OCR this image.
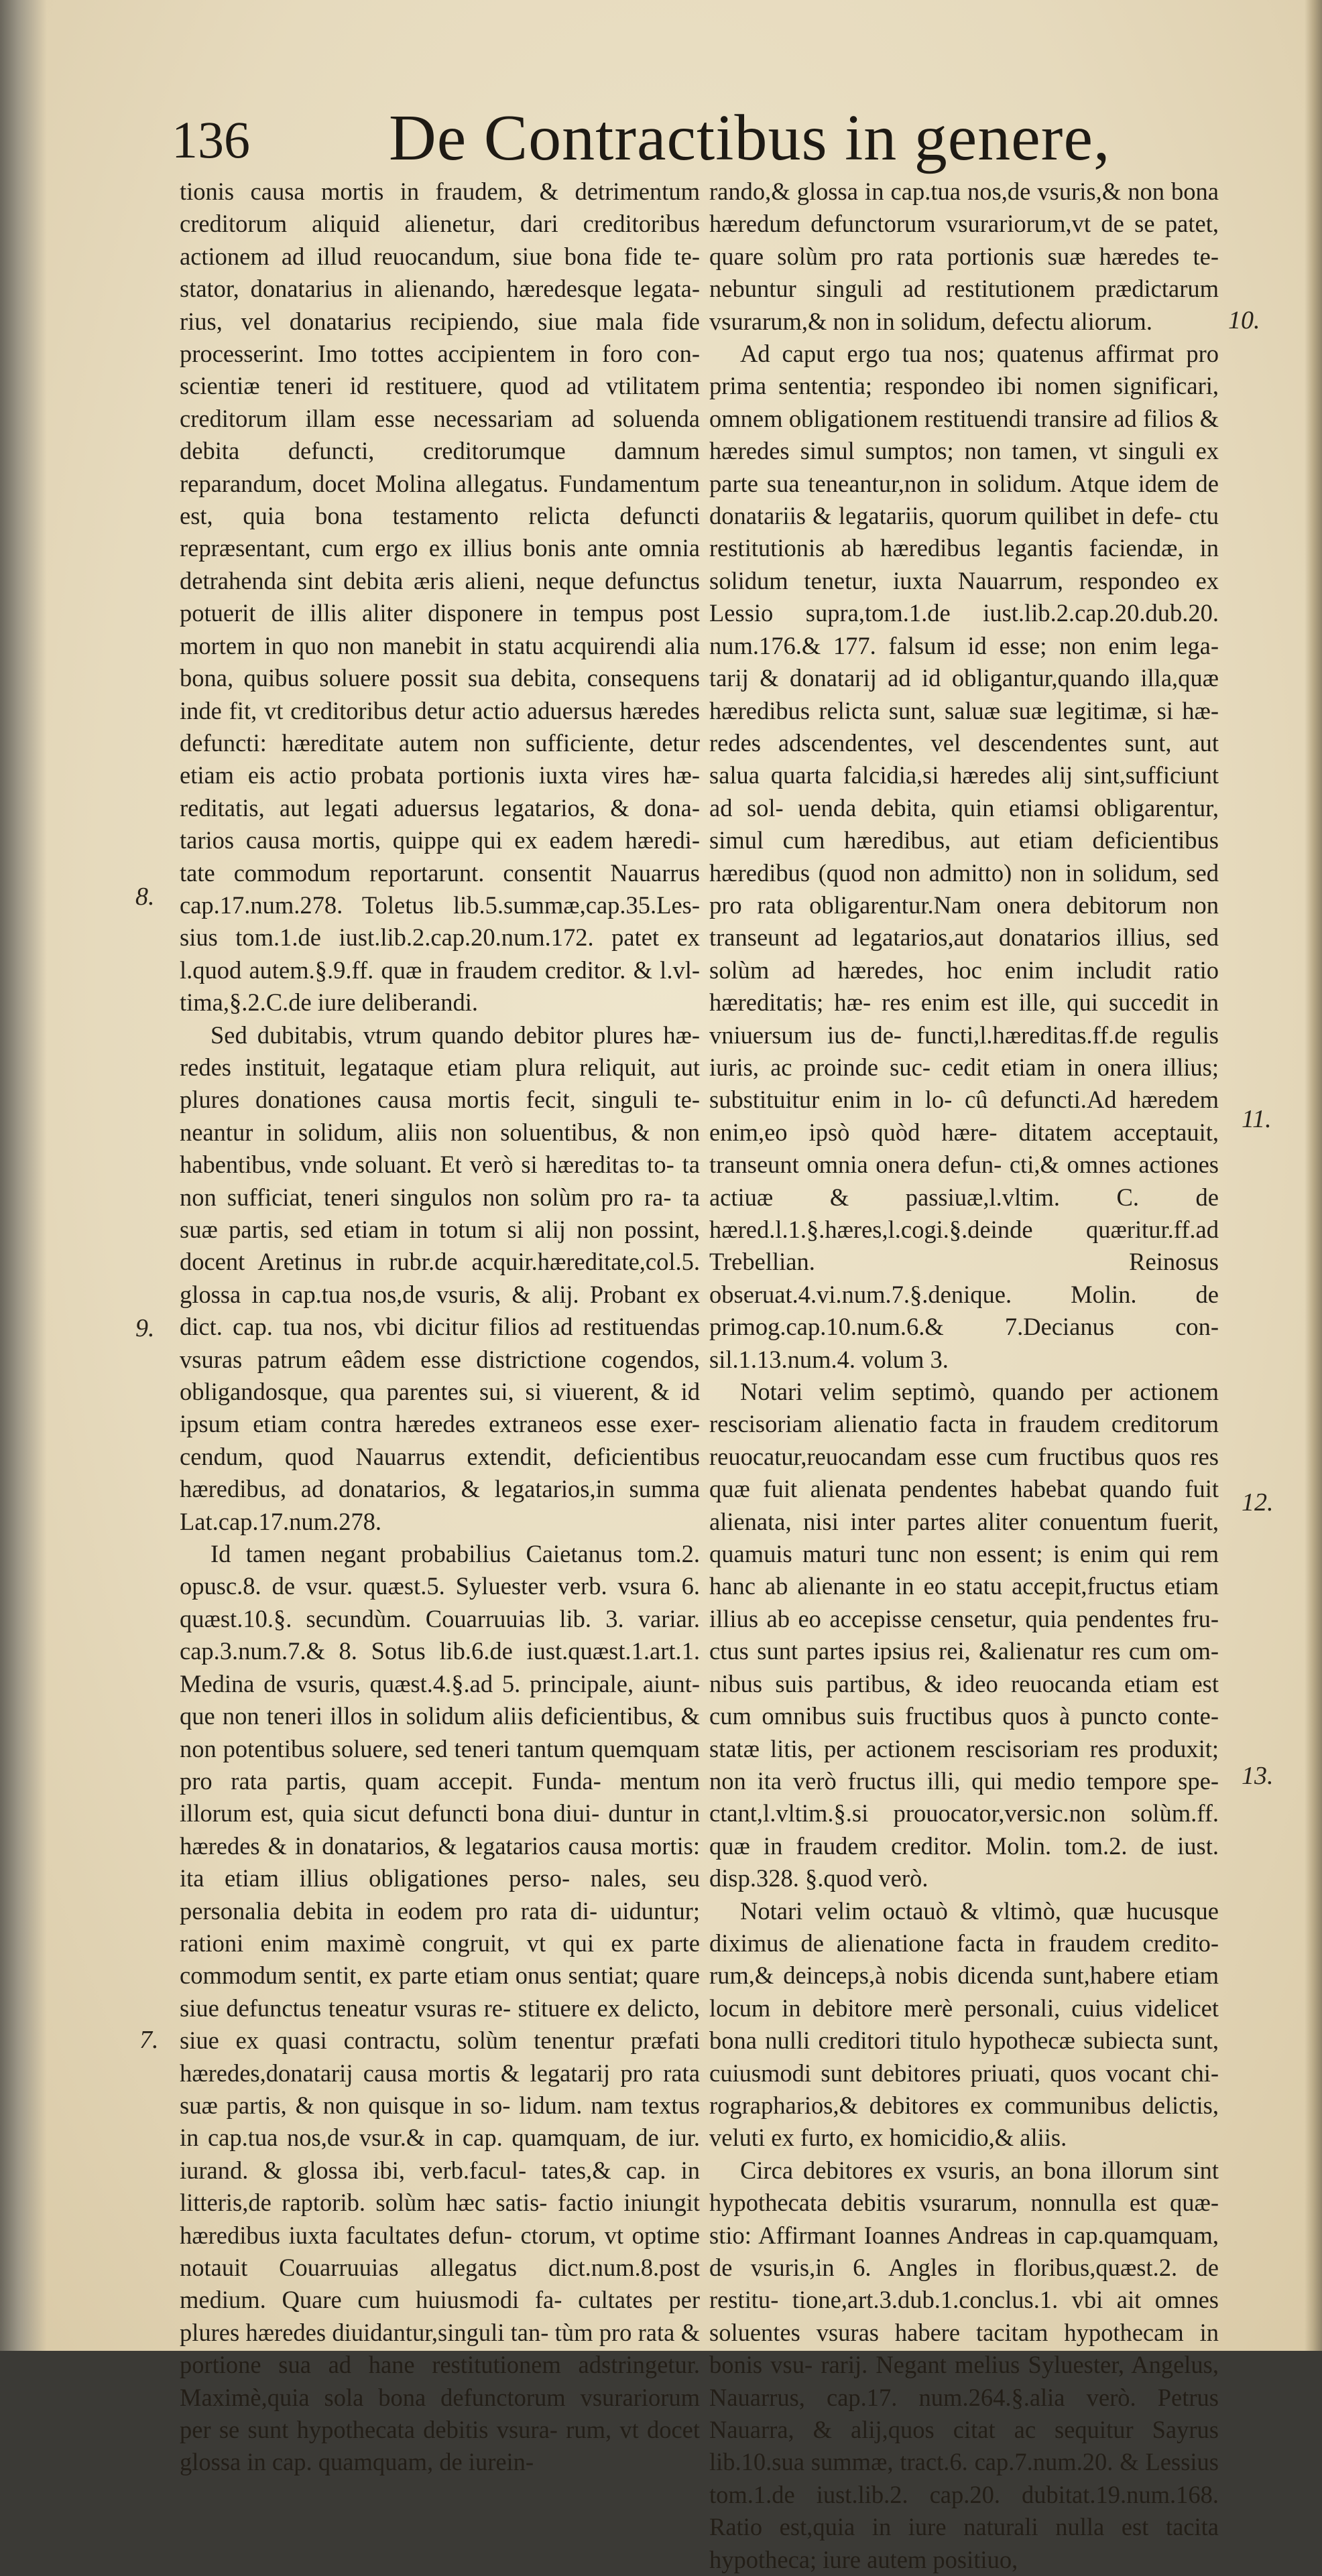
136 De Contractibus in genere,

tionis causa mortis in fraudem, & detrimentum creditorum aliquid alienetur, dari creditoribus actionem ad illud reuocandum, siue bona fide te- stator, donatarius in alienando, hæredesque legata- rius, vel donatarius recipiendo, siue mala fide processerint. Imo tottes accipientem in foro con- scientiæ teneri id restituere, quod ad vtilitatem creditorum illam esse necessariam ad soluenda debita defuncti, creditorumque damnum reparandum, docet Molina allegatus. Fundamentum est, quia bona testamento relicta defuncti repræsentant, cum ergo ex illius bonis ante omnia detrahenda sint debita æris alieni, neque defunctus potuerit de illis aliter disponere in tempus post mortem in quo non manebit in statu acquirendi alia bona, quibus soluere possit sua debita, consequens inde fit, vt creditoribus detur actio aduersus hæredes defuncti: hæreditate autem non sufficiente, detur etiam eis actio probata portionis iuxta vires hæ- reditatis, aut legati aduersus legatarios, & dona- tarios causa mortis, quippe qui ex eadem hæredi- tate commodum reportarunt. consentit Nauarrus cap.17.num.278. Toletus lib.5.summæ,cap.35.Les- sius tom.1.de iust.lib.2.cap.20.num.172. patet ex l.quod autem.§.9.ff. quæ in fraudem creditor. & l.vl- tima,§.2.C.de iure deliberandi.

Sed dubitabis, vtrum quando debitor plures hæ- redes instituit, legataque etiam plura reliquit, aut plures donationes causa mortis fecit, singuli te- neantur in solidum, aliis non soluentibus, & non habentibus, vnde soluant. Et verò si hæreditas to- ta non sufficiat, teneri singulos non solùm pro ra- ta suæ partis, sed etiam in totum si alij non possint, docent Aretinus in rubr.de acquir.hæreditate,col.5. glossa in cap.tua nos,de vsuris, & alij. Probant ex dict. cap. tua nos, vbi dicitur filios ad restituendas vsuras patrum eâdem esse districtione cogendos, obligandosque, qua parentes sui, si viuerent, & id ipsum etiam contra hæredes extraneos esse exer- cendum, quod Nauarrus extendit, deficientibus hæredibus, ad donatarios, & legatarios,in summa Lat.cap.17.num.278.

Id tamen negant probabilius Caietanus tom.2. opusc.8. de vsur. quæst.5. Syluester verb. vsura 6. quæst.10.§. secundùm. Couarruuias lib. 3. variar. cap.3.num.7.& 8. Sotus lib.6.de iust.quæst.1.art.1. Medina de vsuris, quæst.4.§.ad 5. principale, aiunt- que non teneri illos in solidum aliis deficientibus, & non potentibus soluere, sed teneri tantum quemquam pro rata partis, quam accepit. Funda- mentum illorum est, quia sicut defuncti bona diui- duntur in hæredes & in donatarios, & legatarios causa mortis: ita etiam illius obligationes perso- nales, seu personalia debita in eodem pro rata di- uiduntur; rationi enim maximè congruit, vt qui ex parte commodum sentit, ex parte etiam onus sentiat; quare siue defunctus teneatur vsuras re- stituere ex delicto, siue ex quasi contractu, solùm tenentur præfati hæredes,donatarij causa mortis & legatarij pro rata suæ partis, & non quisque in so- lidum. nam textus in cap.tua nos,de vsur.& in cap. quamquam, de iur. iurand. & glossa ibi, verb.facul- tates,& cap. in litteris,de raptorib. solùm hæc satis- factio iniungit hæredibus iuxta facultates defun- ctorum, vt optime notauit Couarruuias allegatus dict.num.8.post medium. Quare cum huiusmodi fa- cultates per plures hæredes diuidantur,singuli tan- tùm pro rata & portione sua ad hane restitutionem adstringetur. Maximè,quia sola bona defunctorum vsurariorum per se sunt hypothecata debitis vsura- rum, vt docet glossa in cap. quamquam, de iurein-

rando,& glossa in cap.tua nos,de vsuris,& non bona hæredum defunctorum vsurariorum,vt de se patet, quare solùm pro rata portionis suæ hæredes te- nebuntur singuli ad restitutionem prædictarum vsurarum,& non in solidum, defectu aliorum.

Ad caput ergo tua nos; quatenus affirmat pro prima sententia; respondeo ibi nomen significari, omnem obligationem restituendi transire ad filios & hæredes simul sumptos; non tamen, vt singuli ex parte sua teneantur,non in solidum. Atque idem de donatariis & legatariis, quorum quilibet in defe- ctu restitutionis ab hæredibus legantis faciendæ, in solidum tenetur, iuxta Nauarrum, respondeo ex Lessio supra,tom.1.de iust.lib.2.cap.20.dub.20. num.176.& 177. falsum id esse; non enim lega- tarij & donatarij ad id obligantur,quando illa,quæ hæredibus relicta sunt, saluæ suæ legitimæ, si hæ- redes adscendentes, vel descendentes sunt, aut salua quarta falcidia,si hæredes alij sint,sufficiunt ad sol- uenda debita, quin etiamsi obligarentur, simul cum hæredibus, aut etiam deficientibus hæredibus (quod non admitto) non in solidum, sed pro rata obligarentur.Nam onera debitorum non transeunt ad legatarios,aut donatarios illius, sed solùm ad hæredes, hoc enim includit ratio hæreditatis; hæ- res enim est ille, qui succedit in vniuersum ius de- functi,l.hæreditas.ff.de regulis iuris, ac proinde suc- cedit etiam in onera illius; substituitur enim in lo- cû defuncti.Ad hæredem enim,eo ipsò quòd hære- ditatem acceptauit, transeunt omnia onera defun- cti,& omnes actiones actiuæ & passiuæ,l.vltim. C. de hæred.l.1.§.hæres,l.cogi.§.deinde quæritur.ff.ad Trebellian. Reinosus obseruat.4.vi.num.7.§.denique. Molin. de primog.cap.10.num.6.& 7.Decianus con- sil.1.13.num.4. volum 3.

Notari velim septimò, quando per actionem rescisoriam alienatio facta in fraudem creditorum reuocatur,reuocandam esse cum fructibus quos res quæ fuit alienata pendentes habebat quando fuit alienata, nisi inter partes aliter conuentum fuerit, quamuis maturi tunc non essent; is enim qui rem hanc ab alienante in eo statu accepit,fructus etiam illius ab eo accepisse censetur, quia pendentes fru- ctus sunt partes ipsius rei, &alienatur res cum om- nibus suis partibus, & ideo reuocanda etiam est cum omnibus suis fructibus quos à puncto conte- statæ litis, per actionem rescisoriam res produxit; non ita verò fructus illi, qui medio tempore spe- ctant,l.vltim.§.si prouocator,versic.non solùm.ff. quæ in fraudem creditor. Molin. tom.2. de iust. disp.328. §.quod verò.

Notari velim octauò & vltimò, quæ hucusque diximus de alienatione facta in fraudem credito- rum,& deinceps,à nobis dicenda sunt,habere etiam locum in debitore merè personali, cuius videlicet bona nulli creditori titulo hypothecæ subiecta sunt, cuiusmodi sunt debitores priuati, quos vocant chi- rographarios,& debitores ex communibus delictis, veluti ex furto, ex homicidio,& aliis.

Circa debitores ex vsuris, an bona illorum sint hypothecata debitis vsurarum, nonnulla est quæ- stio: Affirmant Ioannes Andreas in cap.quamquam, de vsuris,in 6. Angles in floribus,quæst.2. de restitu- tione,art.3.dub.1.conclus.1. vbi ait omnes soluentes vsuras habere tacitam hypothecam in bonis vsu- rarij. Negant melius Syluester, Angelus, Nauarrus, cap.17. num.264.§.alia verò. Petrus Nauarra, & alij,quos citat ac sequitur Sayrus lib.10.sua summæ, tract.6. cap.7.num.20. & Lessius tom.1.de iust.lib.2. cap.20. dubitat.19.num.168. Ratio est,quia in iure naturali nulla est tacita hypotheca; iure autem positiuo,

8.
9.
7.
10.
11.
12.
13.
